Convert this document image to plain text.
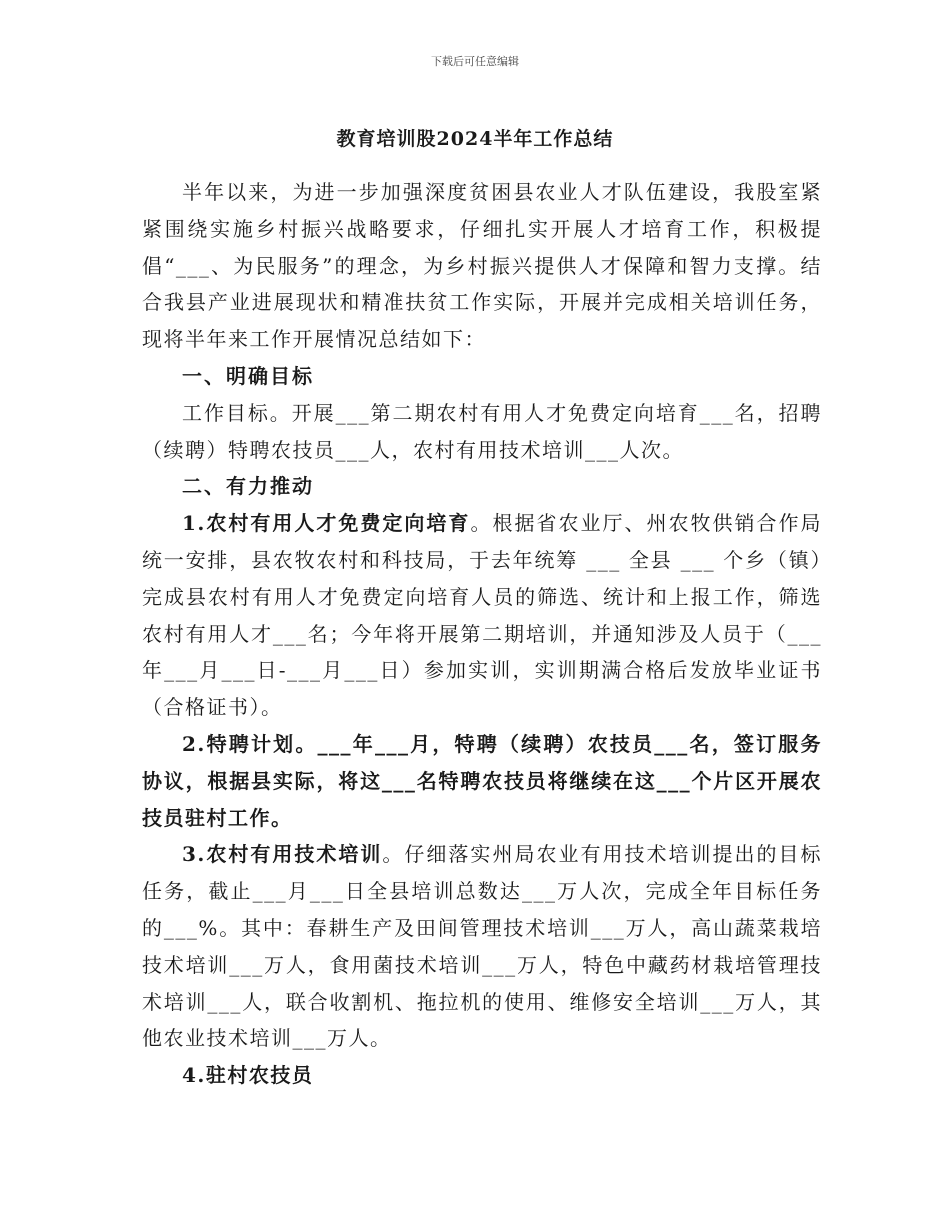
下载后可任意编辑
教育培训股2024半年工作总结

半年以来，为进一步加强深度贫困县农业人才队伍建设，我股室紧紧围绕实施乡村振兴战略要求，仔细扎实开展人才培育工作，积极提倡“___、为民服务”的理念，为乡村振兴提供人才保障和智力支撑。结合我县产业进展现状和精准扶贫工作实际，开展并完成相关培训任务，现将半年来工作开展情况总结如下：

一、明确目标

工作目标。开展___第二期农村有用人才免费定向培育___名，招聘（续聘）特聘农技员___人，农村有用技术培训___人次。

二、有力推动

1.农村有用人才免费定向培育。根据省农业厅、州农牧供销合作局统一安排，县农牧农村和科技局，于去年统筹 ___ 全县 ___ 个乡（镇）完成县农村有用人才免费定向培育人员的筛选、统计和上报工作，筛选农村有用人才___名；今年将开展第二期培训，并通知涉及人员于（___年___月___日-___月___日）参加实训，实训期满合格后发放毕业证书（合格证书）。

2.特聘计划。___年___月，特聘（续聘）农技员___名，签订服务协议，根据县实际，将这___名特聘农技员将继续在这___个片区开展农技员驻村工作。

3.农村有用技术培训。仔细落实州局农业有用技术培训提出的目标任务，截止___月___日全县培训总数达___万人次，完成全年目标任务的___%。其中：春耕生产及田间管理技术培训___万人，高山蔬菜栽培技术培训___万人，食用菌技术培训___万人，特色中藏药材栽培管理技术培训___人，联合收割机、拖拉机的使用、维修安全培训___万人，其他农业技术培训___万人。

4.驻村农技员
